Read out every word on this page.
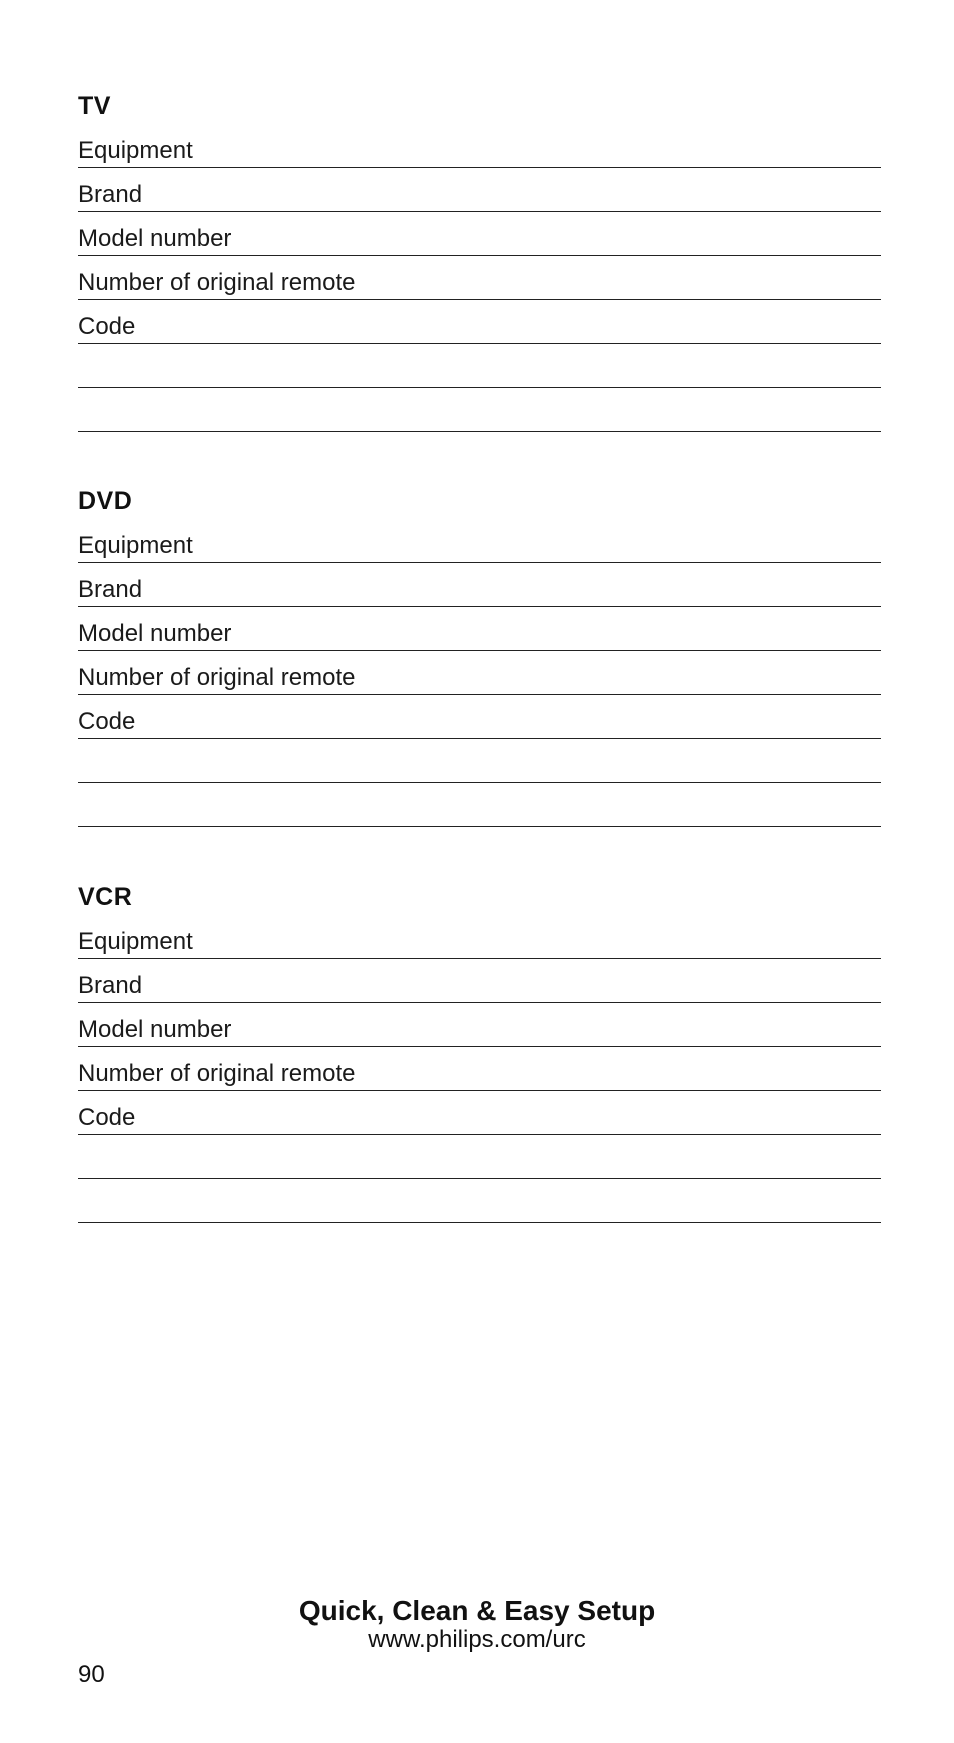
TV
Equipment
Brand
Model number
Number of original remote
Code
DVD
Equipment
Brand
Model number
Number of original remote
Code
VCR
Equipment
Brand
Model number
Number of original remote
Code
Quick, Clean & Easy Setup
www.philips.com/urc
90
